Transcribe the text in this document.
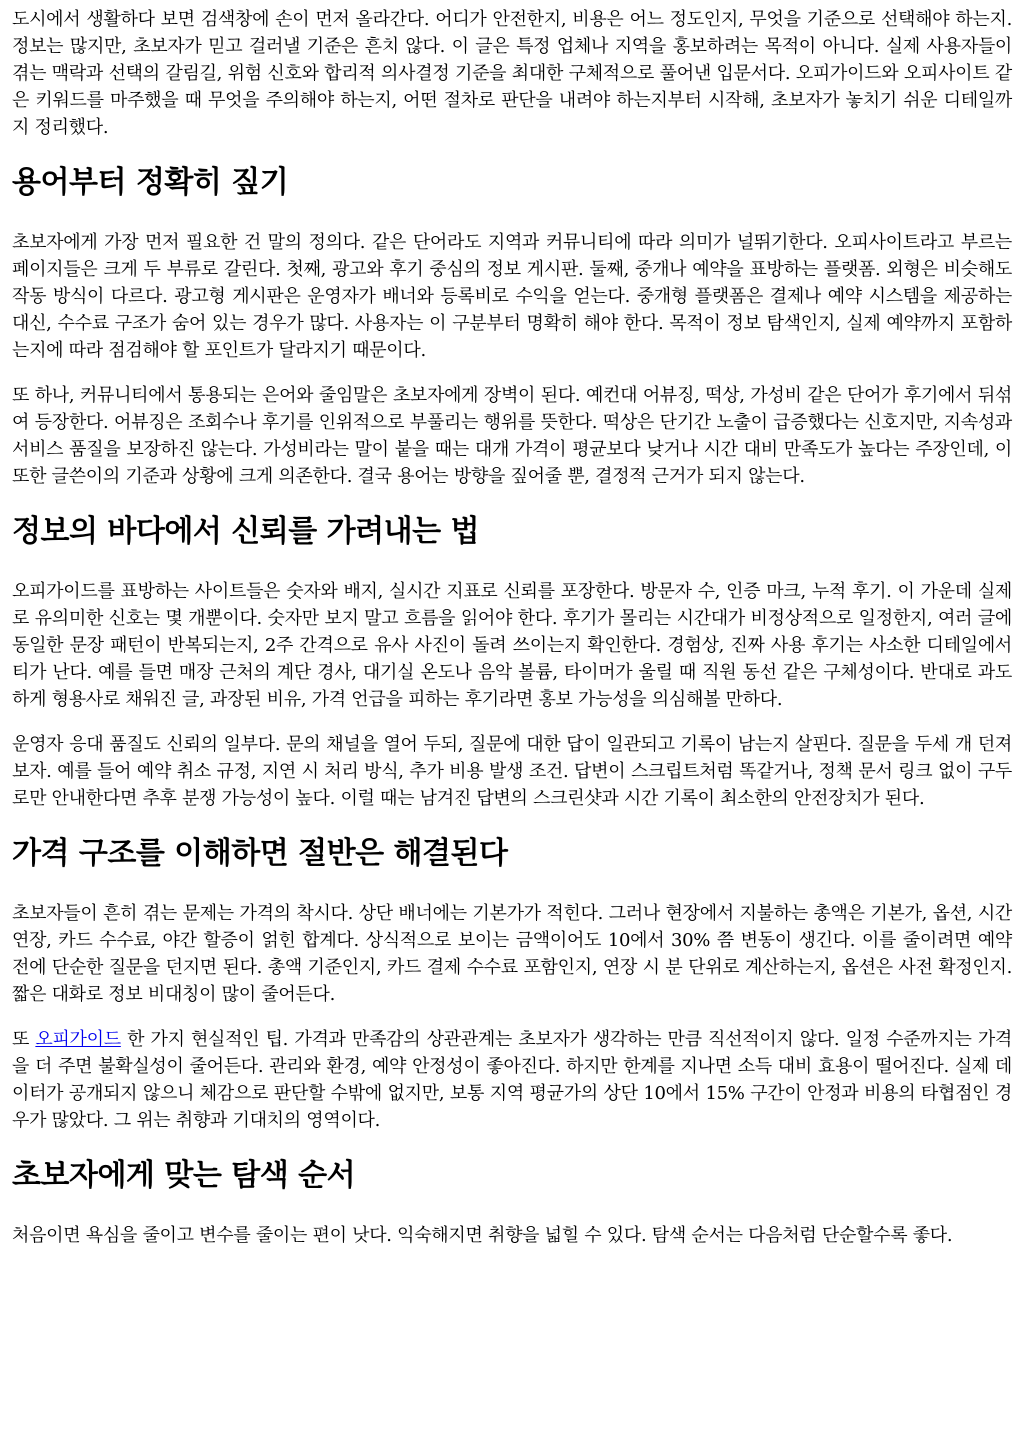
도시에서 생활하다 보면 검색창에 손이 먼저 올라간다. 어디가 안전한지, 비용은 어느 정도인지, 무엇을 기준으로 선택해야 하는지. 정보는 많지만, 초보자가 믿고 걸러낼 기준은 흔치 않다. 이 글은 특정 업체나 지역을 홍보하려는 목적이 아니다. 실제 사용자들이 겪는 맥락과 선택의 갈림길, 위험 신호와 합리적 의사결정 기준을 최대한 구체적으로 풀어낸 입문서다. 오피가이드와 오피사이트 같은 키워드를 마주했을 때 무엇을 주의해야 하는지, 어떤 절차로 판단을 내려야 하는지부터 시작해, 초보자가 놓치기 쉬운 디테일까지 정리했다.

용어부터 정확히 짚기

초보자에게 가장 먼저 필요한 건 말의 정의다. 같은 단어라도 지역과 커뮤니티에 따라 의미가 널뛰기한다. 오피사이트라고 부르는 페이지들은 크게 두 부류로 갈린다. 첫째, 광고와 후기 중심의 정보 게시판. 둘째, 중개나 예약을 표방하는 플랫폼. 외형은 비슷해도 작동 방식이 다르다. 광고형 게시판은 운영자가 배너와 등록비로 수익을 얻는다. 중개형 플랫폼은 결제나 예약 시스템을 제공하는 대신, 수수료 구조가 숨어 있는 경우가 많다. 사용자는 이 구분부터 명확히 해야 한다. 목적이 정보 탐색인지, 실제 예약까지 포함하는지에 따라 점검해야 할 포인트가 달라지기 때문이다.

또 하나, 커뮤니티에서 통용되는 은어와 줄임말은 초보자에게 장벽이 된다. 예컨대 어뷰징, 떡상, 가성비 같은 단어가 후기에서 뒤섞여 등장한다. 어뷰징은 조회수나 후기를 인위적으로 부풀리는 행위를 뜻한다. 떡상은 단기간 노출이 급증했다는 신호지만, 지속성과 서비스 품질을 보장하진 않는다. 가성비라는 말이 붙을 때는 대개 가격이 평균보다 낮거나 시간 대비 만족도가 높다는 주장인데, 이 또한 글쓴이의 기준과 상황에 크게 의존한다. 결국 용어는 방향을 짚어줄 뿐, 결정적 근거가 되지 않는다.

정보의 바다에서 신뢰를 가려내는 법

오피가이드를 표방하는 사이트들은 숫자와 배지, 실시간 지표로 신뢰를 포장한다. 방문자 수, 인증 마크, 누적 후기. 이 가운데 실제로 유의미한 신호는 몇 개뿐이다. 숫자만 보지 말고 흐름을 읽어야 한다. 후기가 몰리는 시간대가 비정상적으로 일정한지, 여러 글에 동일한 문장 패턴이 반복되는지, 2주 간격으로 유사 사진이 돌려 쓰이는지 확인한다. 경험상, 진짜 사용 후기는 사소한 디테일에서 티가 난다. 예를 들면 매장 근처의 계단 경사, 대기실 온도나 음악 볼륨, 타이머가 울릴 때 직원 동선 같은 구체성이다. 반대로 과도하게 형용사로 채워진 글, 과장된 비유, 가격 언급을 피하는 후기라면 홍보 가능성을 의심해볼 만하다.

운영자 응대 품질도 신뢰의 일부다. 문의 채널을 열어 두되, 질문에 대한 답이 일관되고 기록이 남는지 살핀다. 질문을 두세 개 던져 보자. 예를 들어 예약 취소 규정, 지연 시 처리 방식, 추가 비용 발생 조건. 답변이 스크립트처럼 똑같거나, 정책 문서 링크 없이 구두로만 안내한다면 추후 분쟁 가능성이 높다. 이럴 때는 남겨진 답변의 스크린샷과 시간 기록이 최소한의 안전장치가 된다.

가격 구조를 이해하면 절반은 해결된다

초보자들이 흔히 겪는 문제는 가격의 착시다. 상단 배너에는 기본가가 적힌다. 그러나 현장에서 지불하는 총액은 기본가, 옵션, 시간 연장, 카드 수수료, 야간 할증이 얽힌 합계다. 상식적으로 보이는 금액이어도 10에서 30% 쯤 변동이 생긴다. 이를 줄이려면 예약 전에 단순한 질문을 던지면 된다. 총액 기준인지, 카드 결제 수수료 포함인지, 연장 시 분 단위로 계산하는지, 옵션은 사전 확정인지. 짧은 대화로 정보 비대칭이 많이 줄어든다.

또 오피가이드 한 가지 현실적인 팁. 가격과 만족감의 상관관계는 초보자가 생각하는 만큼 직선적이지 않다. 일정 수준까지는 가격을 더 주면 불확실성이 줄어든다. 관리와 환경, 예약 안정성이 좋아진다. 하지만 한계를 지나면 소득 대비 효용이 떨어진다. 실제 데이터가 공개되지 않으니 체감으로 판단할 수밖에 없지만, 보통 지역 평균가의 상단 10에서 15% 구간이 안정과 비용의 타협점인 경우가 많았다. 그 위는 취향과 기대치의 영역이다.

초보자에게 맞는 탐색 순서

처음이면 욕심을 줄이고 변수를 줄이는 편이 낫다. 익숙해지면 취향을 넓힐 수 있다. 탐색 순서는 다음처럼 단순할수록 좋다.
